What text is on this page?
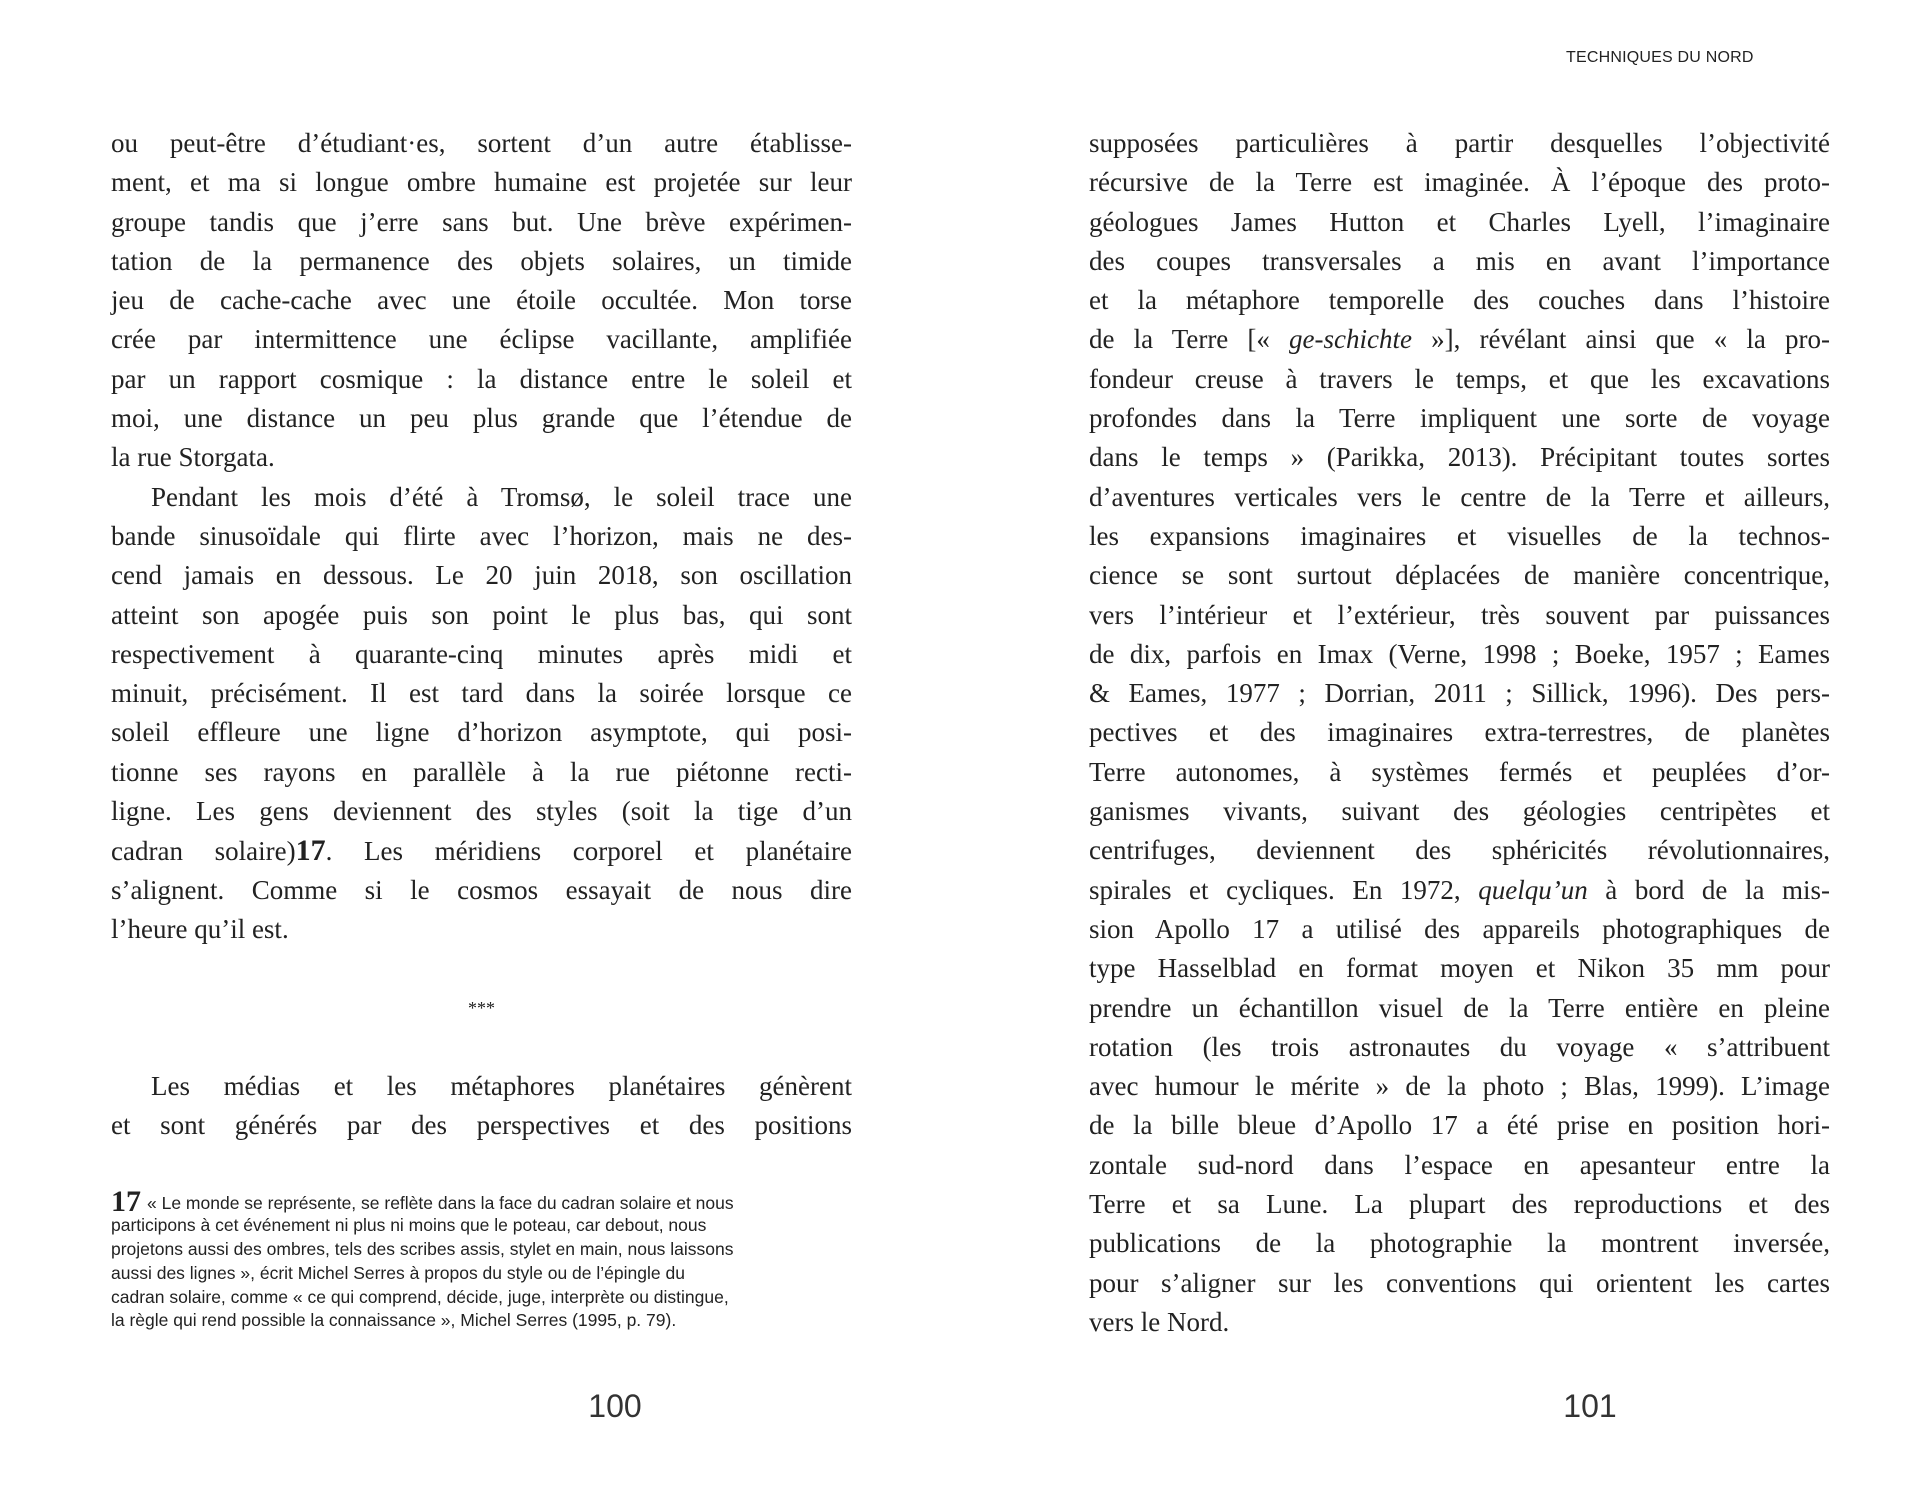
TECHNIQUES DU NORD
ou peut-être d’étudiant·es, sortent d’un autre établisse-
ment, et ma si longue ombre humaine est projetée sur leur
groupe tandis que j’erre sans but. Une brève expérimen-
tation de la permanence des objets solaires, un timide
jeu de cache-cache avec une étoile occultée. Mon torse
crée par intermittence une éclipse vacillante, amplifiée
par un rapport cosmique : la distance entre le soleil et
moi, une distance un peu plus grande que l’étendue de
la rue Storgata.
Pendant les mois d’été à Tromsø, le soleil trace une
bande sinusoïdale qui flirte avec l’horizon, mais ne des-
cend jamais en dessous. Le 20 juin 2018, son oscillation
atteint son apogée puis son point le plus bas, qui sont
respectivement à quarante-cinq minutes après midi et
minuit, précisément. Il est tard dans la soirée lorsque ce
soleil effleure une ligne d’horizon asymptote, qui posi-
tionne ses rayons en parallèle à la rue piétonne recti-
ligne. Les gens deviennent des styles (soit la tige d’un
cadran solaire)17. Les méridiens corporel et planétaire
s’alignent. Comme si le cosmos essayait de nous dire
l’heure qu’il est.

***

Les médias et les métaphores planétaires génèrent
et sont générés par des perspectives et des positions
17 « Le monde se représente, se reflète dans la face du cadran solaire et nous
participons à cet événement ni plus ni moins que le poteau, car debout, nous
projetons aussi des ombres, tels des scribes assis, stylet en main, nous laissons
aussi des lignes », écrit Michel Serres à propos du style ou de l’épingle du
cadran solaire, comme « ce qui comprend, décide, juge, interprète ou distingue,
la règle qui rend possible la connaissance », Michel Serres (1995, p. 79).
100
supposées particulières à partir desquelles l’objectivité
récursive de la Terre est imaginée. À l’époque des proto-
géologues James Hutton et Charles Lyell, l’imaginaire
des coupes transversales a mis en avant l’importance
et la métaphore temporelle des couches dans l’histoire
de la Terre [« ge-schichte »], révélant ainsi que « la pro-
fondeur creuse à travers le temps, et que les excavations
profondes dans la Terre impliquent une sorte de voyage
dans le temps » (Parikka, 2013). Précipitant toutes sortes
d’aventures verticales vers le centre de la Terre et ailleurs,
les expansions imaginaires et visuelles de la technos-
cience se sont surtout déplacées de manière concentrique,
vers l’intérieur et l’extérieur, très souvent par puissances
de dix, parfois en Imax (Verne, 1998 ; Boeke, 1957 ; Eames
& Eames, 1977 ; Dorrian, 2011 ; Sillick, 1996). Des pers-
pectives et des imaginaires extra-terrestres, de planètes
Terre autonomes, à systèmes fermés et peuplées d’or-
ganismes vivants, suivant des géologies centripètes et
centrifuges, deviennent des sphéricités révolutionnaires,
spirales et cycliques. En 1972, quelqu’un à bord de la mis-
sion Apollo 17 a utilisé des appareils photographiques de
type Hasselblad en format moyen et Nikon 35 mm pour
prendre un échantillon visuel de la Terre entière en pleine
rotation (les trois astronautes du voyage « s’attribuent
avec humour le mérite » de la photo ; Blas, 1999). L’image
de la bille bleue d’Apollo 17 a été prise en position hori-
zontale sud-nord dans l’espace en apesanteur entre la
Terre et sa Lune. La plupart des reproductions et des
publications de la photographie la montrent inversée,
pour s’aligner sur les conventions qui orientent les cartes
vers le Nord.
101
